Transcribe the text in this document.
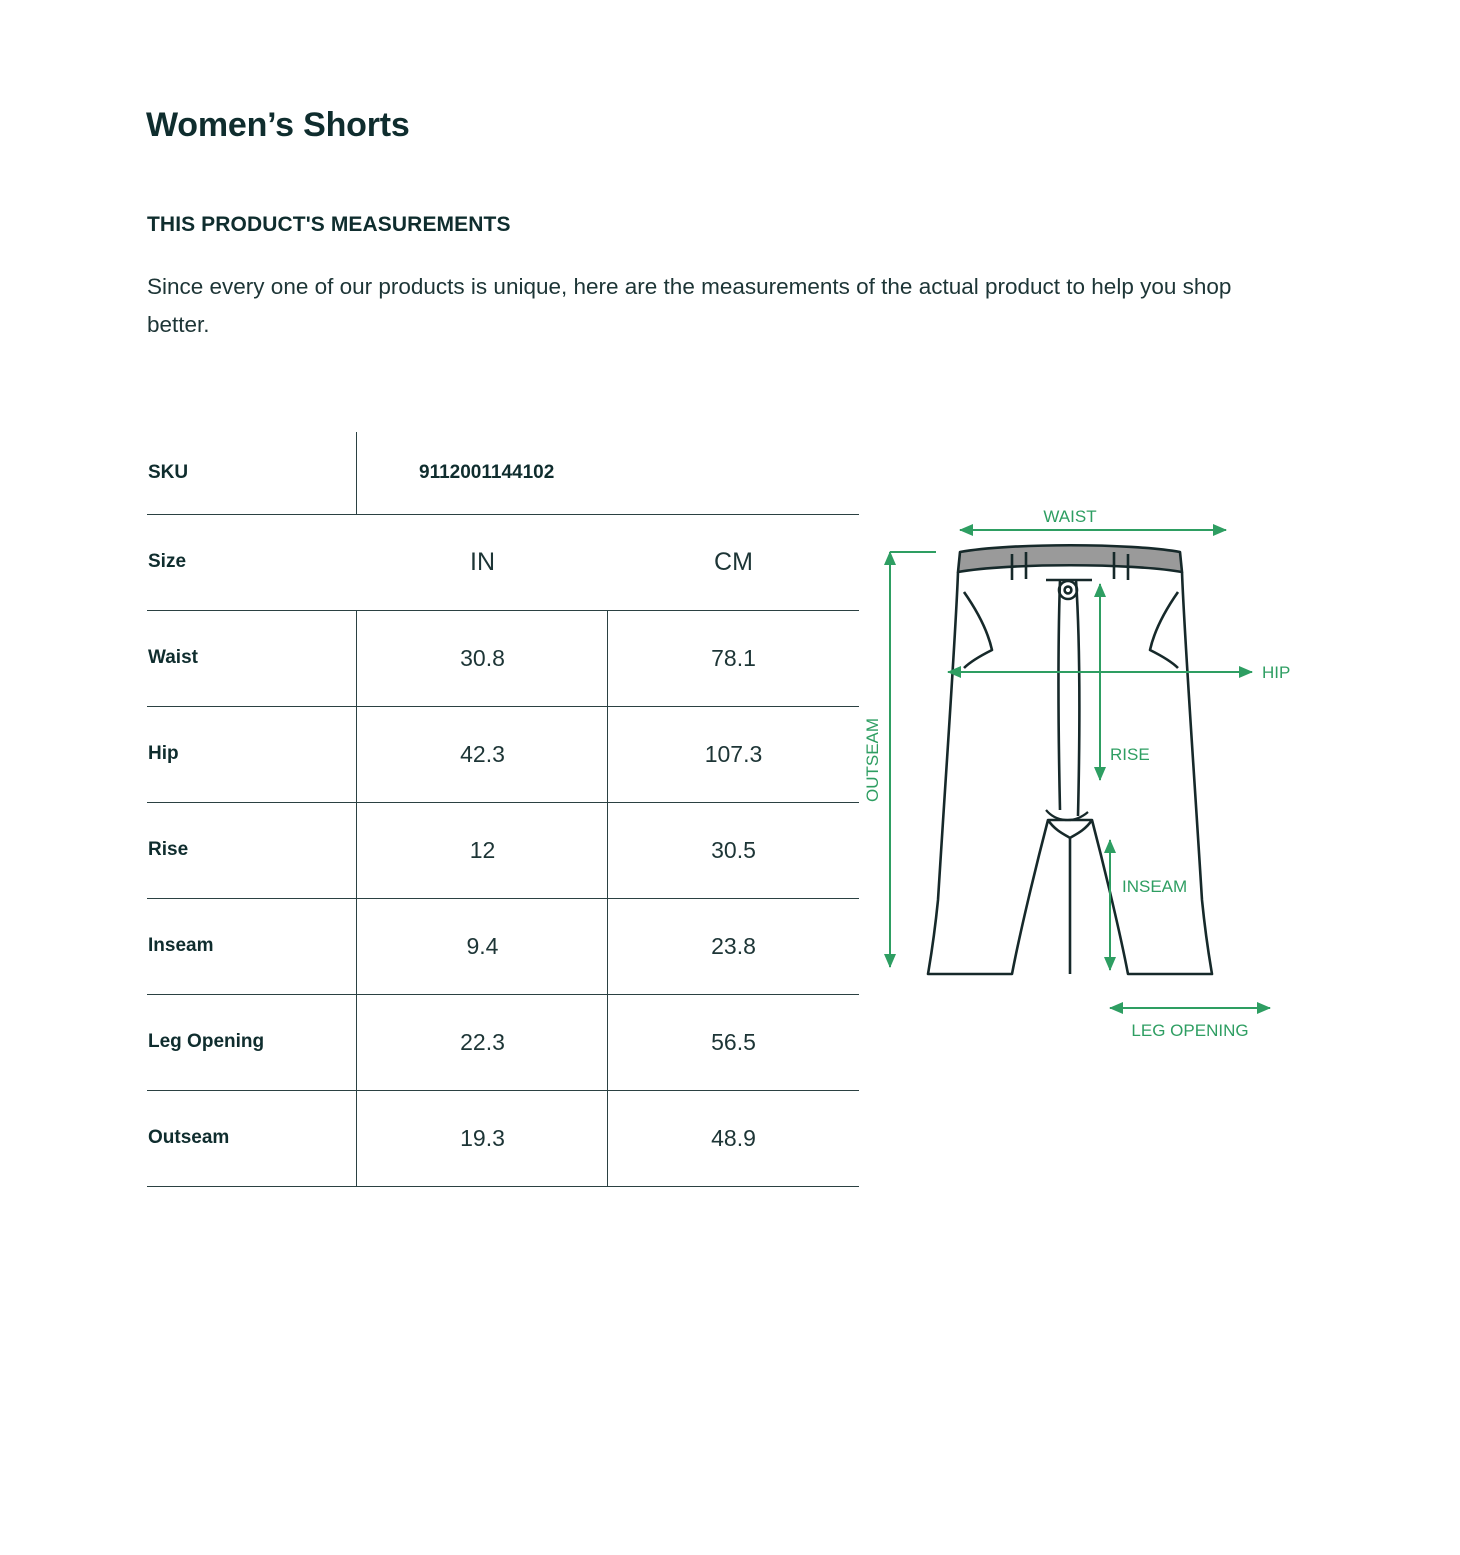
Women’s Shorts
THIS PRODUCT'S MEASUREMENTS
Since every one of our products is unique, here are the measurements of the actual product to help you shop better.
SKU	9112001144102
Size	IN	CM
Waist	30.8	78.1
Hip	42.3	107.3
Rise	12	30.5
Inseam	9.4	23.8
Leg Opening	22.3	56.5
Outseam	19.3	48.9
WAIST
HIP
RISE
INSEAM
OUTSEAM
LEG OPENING
